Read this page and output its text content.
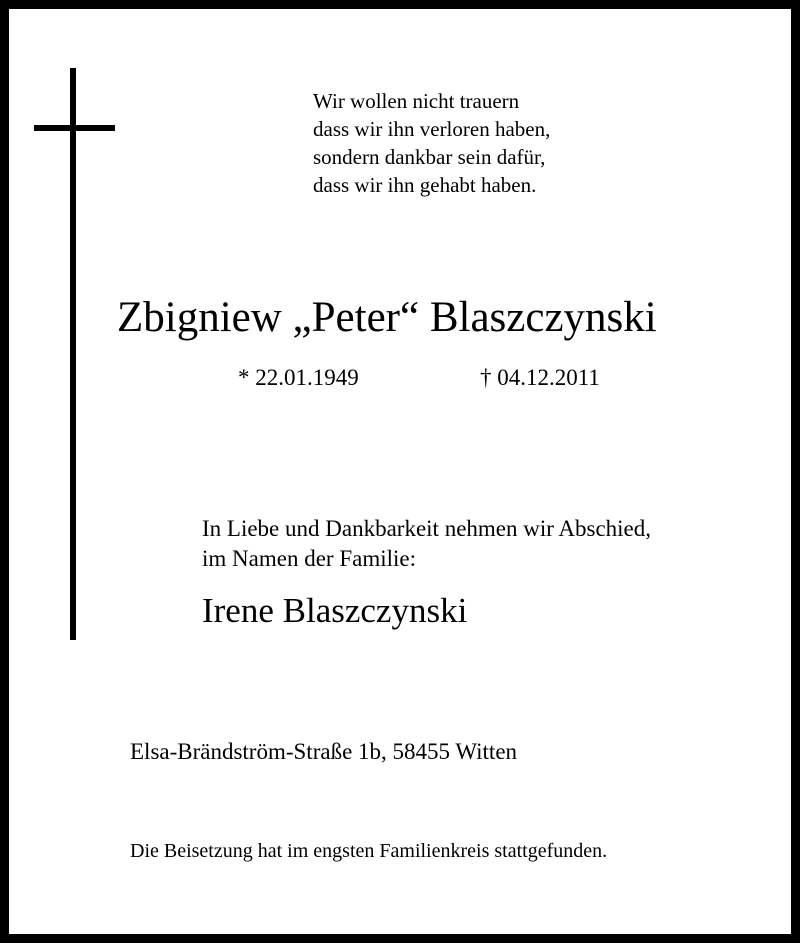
Wir wollen nicht trauern
dass wir ihn verloren haben,
sondern dankbar sein dafür,
dass wir ihn gehabt haben.
Zbigniew „Peter“ Blaszczynski
* 22.01.1949	† 04.12.2011
In Liebe und Dankbarkeit nehmen wir Abschied,
im Namen der Familie:
Irene Blaszczynski
Elsa-Brändström-Straße 1b, 58455 Witten
Die Beisetzung hat im engsten Familienkreis stattgefunden.
